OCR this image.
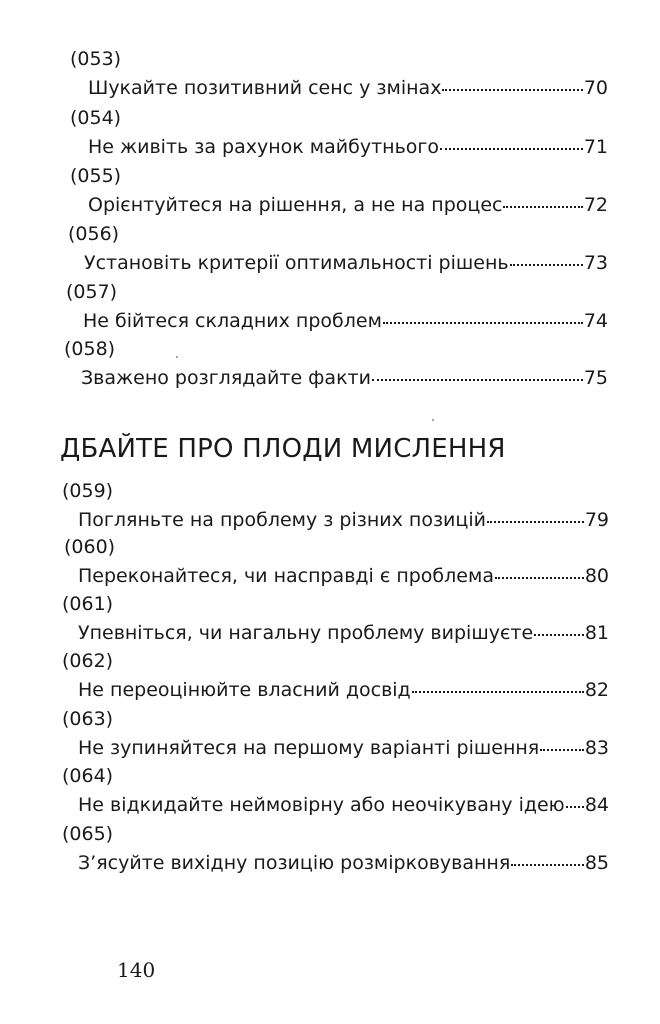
(053)
Шукайте позитивний сенс у змінах	70
(054)
Не живіть за рахунок майбутнього	71
(055)
Орієнтуйтеся на рішення, а не на процес	72
(056)
Установіть критерії оптимальності рішень	73
(057)
Не бійтеся складних проблем	74
(058)
Зважено розглядайте факти	75
ДБАЙТЕ ПРО ПЛОДИ МИСЛЕННЯ
(059)
Погляньте на проблему з різних позицій	79
(060)
Переконайтеся, чи насправді є проблема	80
(061)
Упевніться, чи нагальну проблему вирішуєте	81
(062)
Не переоцінюйте власний досвід	82
(063)
Не зупиняйтеся на першому варіанті рішення 83
(064)
Не відкидайте неймовірну або неочікувану ідею 84
(065)
З’ясуйте вихідну позицію розмірковування	85
140
